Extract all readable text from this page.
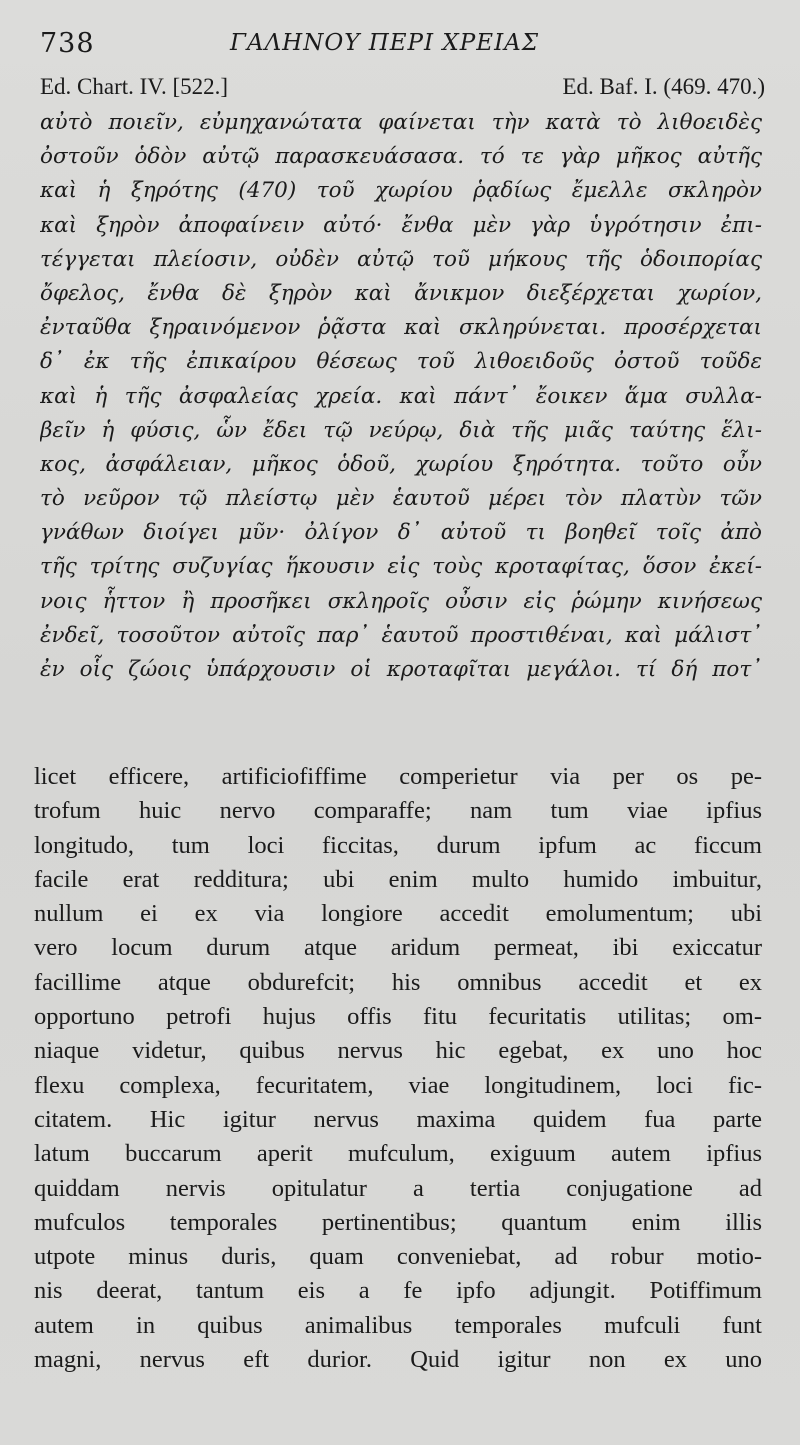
738	ΓΑΛΗΝΟΥ ΠΕΡΙ ΧΡΕΙΑΣ
Ed. Chart. IV. [522.]	Ed. Baf. I. (469. 470.)
αὐτὸ ποιεῖν, εὐμηχανώτατα φαίνεται τὴν κατὰ τὸ λιθοειδὲς
ὀστοῦν ὁδὸν αὐτῷ παρασκευάσασα. τό τε γὰρ μῆκος αὐτῆς
καὶ ἡ ξηρότης (470) τοῦ χωρίου ῥᾳδίως ἔμελλε σκληρὸν
καὶ ξηρὸν ἀποφαίνειν αὐτό· ἔνθα μὲν γὰρ ὑγρότησιν ἐπι-
τέγγεται πλείοσιν, οὐδὲν αὐτῷ τοῦ μήκους τῆς ὁδοιπορίας
ὄφελος, ἔνθα δὲ ξηρὸν καὶ ἄνικμον διεξέρχεται χωρίον,
ἐνταῦθα ξηραινόμενον ῥᾷστα καὶ σκληρύνεται. προσέρχεται
δ᾽ ἐκ τῆς ἐπικαίρου θέσεως τοῦ λιθοειδοῦς ὀστοῦ τοῦδε
καὶ ἡ τῆς ἀσφαλείας χρεία. καὶ πάντ᾽ ἔοικεν ἅμα συλλα-
βεῖν ἡ φύσις, ὧν ἔδει τῷ νεύρῳ, διὰ τῆς μιᾶς ταύτης ἕλι-
κος, ἀσφάλειαν, μῆκος ὁδοῦ, χωρίου ξηρότητα. τοῦτο οὖν
τὸ νεῦρον τῷ πλείστῳ μὲν ἑαυτοῦ μέρει τὸν πλατὺν τῶν
γνάθων διοίγει μῦν· ὀλίγον δ᾽ αὐτοῦ τι βοηθεῖ τοῖς ἀπὸ
τῆς τρίτης συζυγίας ἥκουσιν εἰς τοὺς κροταφίτας, ὅσον ἐκεί-
νοις ἧττον ἢ προσῆκει σκληροῖς οὖσιν εἰς ῥώμην κινήσεως
ἐνδεῖ, τοσοῦτον αὐτοῖς παρ᾽ ἑαυτοῦ προστιθέναι, καὶ μάλιστ᾽
ἐν οἷς ζώοις ὑπάρχουσιν οἱ κροταφῖται μεγάλοι. τί δή ποτ᾽
licet efficere, artificiofiffime comperietur via per os pe-
trofum huic nervo comparaffe; nam tum viae ipfius
longitudo, tum loci ficcitas, durum ipfum ac ficcum
facile erat redditura; ubi enim multo humido imbuitur,
nullum ei ex via longiore accedit emolumentum; ubi
vero locum durum atque aridum permeat, ibi exiccatur
facillime atque obdurefcit; his omnibus accedit et ex
opportuno petrofi hujus offis fitu fecuritatis utilitas; om-
niaque videtur, quibus nervus hic egebat, ex uno hoc
flexu complexa, fecuritatem, viae longitudinem, loci fic-
citatem. Hic igitur nervus maxima quidem fua parte
latum buccarum aperit mufculum, exiguum autem ipfius
quiddam nervis opitulatur a tertia conjugatione ad
mufculos temporales pertinentibus; quantum enim illis
utpote minus duris, quam conveniebat, ad robur motio-
nis deerat, tantum eis a fe ipfo adjungit. Potiffimum
autem in quibus animalibus temporales mufculi funt
magni, nervus eft durior. Quid igitur non ex uno
